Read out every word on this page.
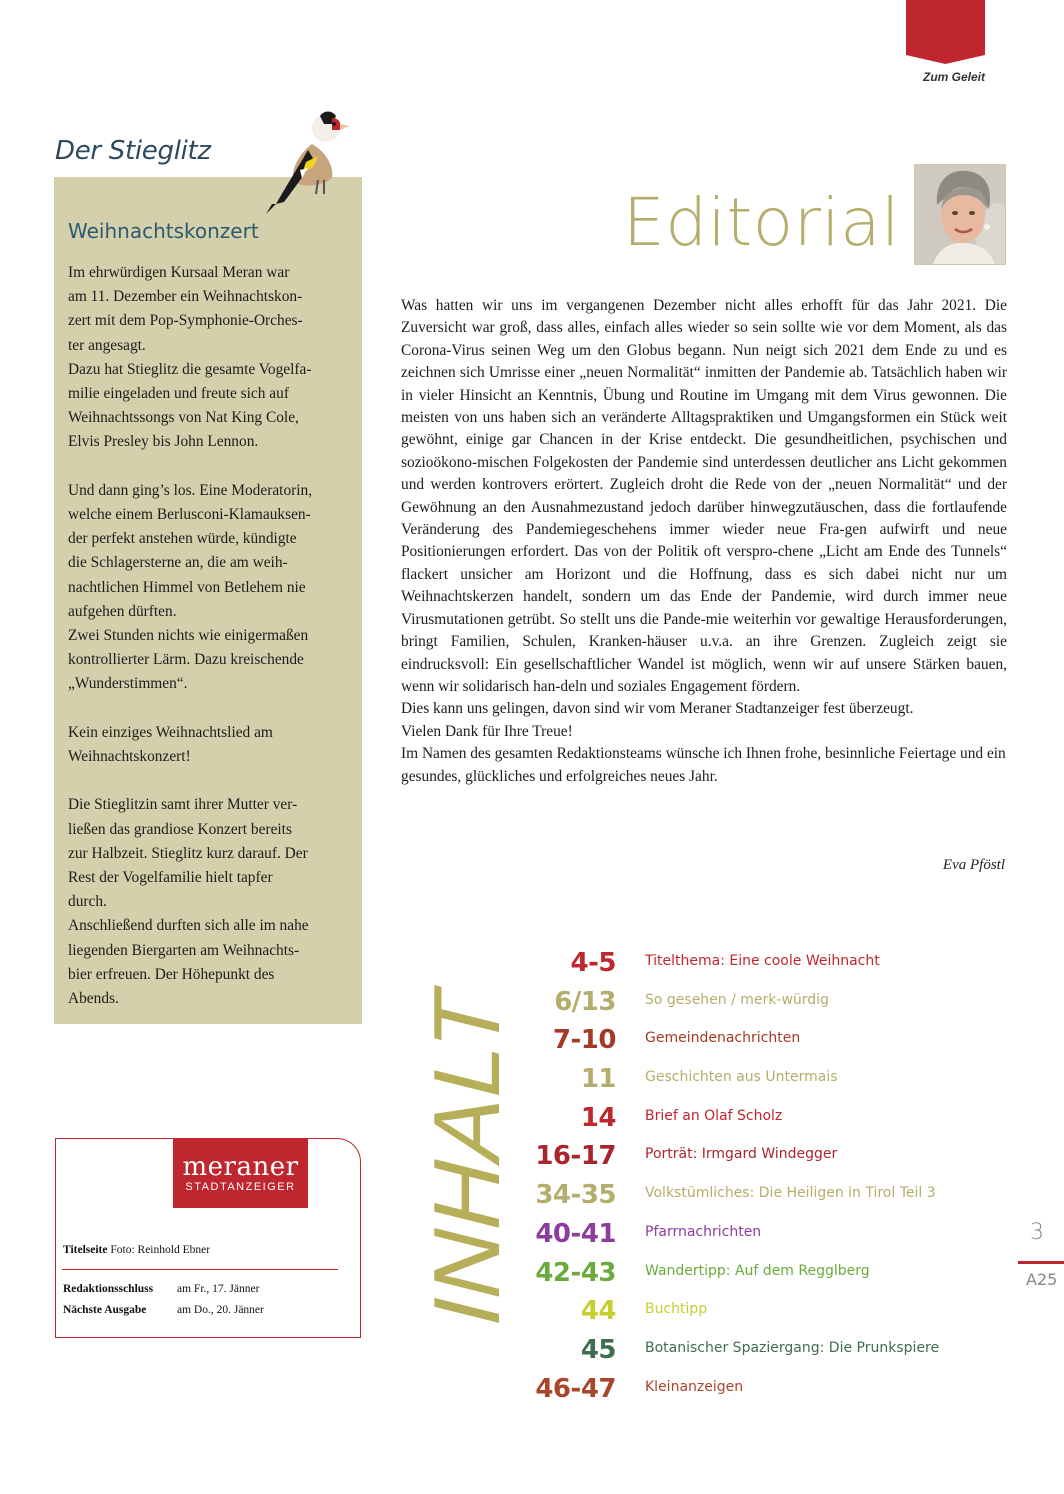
Zum Geleit
Der Stieglitz
Weihnachtskonzert

Im ehrwürdigen Kursaal Meran war
am 11. Dezember ein Weihnachtskon-
zert mit dem Pop-Symphonie-Orches-
ter angesagt.
Dazu hat Stieglitz die gesamte Vogelfa-
milie eingeladen und freute sich auf
Weihnachtssongs von Nat King Cole,
Elvis Presley bis John Lennon.

Und dann ging’s los. Eine Moderatorin,
welche einem Berlusconi-Klamauksen-
der perfekt anstehen würde, kündigte
die Schlagersterne an, die am weih-
nachtlichen Himmel von Betlehem nie
aufgehen dürften.
Zwei Stunden nichts wie einigermaßen
kontrollierter Lärm. Dazu kreischende
„Wunderstimmen“.

Kein einziges Weihnachtslied am
Weihnachtskonzert!

Die Stieglitzin samt ihrer Mutter ver-
ließen das grandiose Konzert bereits
zur Halbzeit. Stieglitz kurz darauf. Der
Rest der Vogelfamilie hielt tapfer
durch.
Anschließend durften sich alle im nahe
liegenden Biergarten am Weihnachts-
bier erfreuen. Der Höhepunkt des
Abends.

Editorial

Was hatten wir uns im vergangenen Dezember nicht alles erhofft für das Jahr 2021. Die Zuversicht war groß, dass alles, einfach alles wieder so sein sollte wie vor dem Moment, als das Corona-Virus seinen Weg um den Globus begann. Nun neigt sich 2021 dem Ende zu und es zeichnen sich Umrisse einer „neuen Normalität“ inmitten der Pandemie ab. Tatsächlich haben wir in vieler Hinsicht an Kenntnis, Übung und Routine im Umgang mit dem Virus gewonnen. Die meisten von uns haben sich an veränderte Alltagspraktiken und Umgangsformen ein Stück weit gewöhnt, einige gar Chancen in der Krise entdeckt. Die gesundheitlichen, psychischen und sozioökono-mischen Folgekosten der Pandemie sind unterdessen deutlicher ans Licht gekommen und werden kontrovers erörtert. Zugleich droht die Rede von der „neuen Normalität“ und der Gewöhnung an den Ausnahmezustand jedoch darüber hinwegzutäuschen, dass die fortlaufende Veränderung des Pandemiegeschehens immer wieder neue Fra-gen aufwirft und neue Positionierungen erfordert. Das von der Politik oft verspro-chene „Licht am Ende des Tunnels“ flackert unsicher am Horizont und die Hoffnung, dass es sich dabei nicht nur um Weihnachtskerzen handelt, sondern um das Ende der Pandemie, wird durch immer neue Virusmutationen getrübt. So stellt uns die Pande-mie weiterhin vor gewaltige Herausforderungen, bringt Familien, Schulen, Kranken-häuser u.v.a. an ihre Grenzen. Zugleich zeigt sie eindrucksvoll: Ein gesellschaftlicher Wandel ist möglich, wenn wir auf unsere Stärken bauen, wenn wir solidarisch han-deln und soziales Engagement fördern.

Dies kann uns gelingen, davon sind wir vom Meraner Stadtanzeiger fest überzeugt.
Vielen Dank für Ihre Treue!
Im Namen des gesamten Redaktionsteams wünsche ich Ihnen frohe, besinnliche Feiertage und ein gesundes, glückliches und erfolgreiches neues Jahr.

Eva Pföstl
INHALT
4-5 Titelthema: Eine coole Weihnacht
6/13 So gesehen / merk-würdig
7-10 Gemeindenachrichten
11 Geschichten aus Untermais
14 Brief an Olaf Scholz
16-17 Porträt: Irmgard Windegger
34-35 Volkstümliches: Die Heiligen in Tirol Teil 3
40-41 Pfarrnachrichten
42-43 Wandertipp: Auf dem Regglberg
44 Buchtipp
45 Botanischer Spaziergang: Die Prunkspiere
46-47 Kleinanzeigen
3
A25
meraner
STADTANZEIGER
Titelseite Foto: Reinhold Ebner
Redaktionsschluss am Fr., 17. Jänner
Nächste Ausgabe	am Do., 20. Jänner
